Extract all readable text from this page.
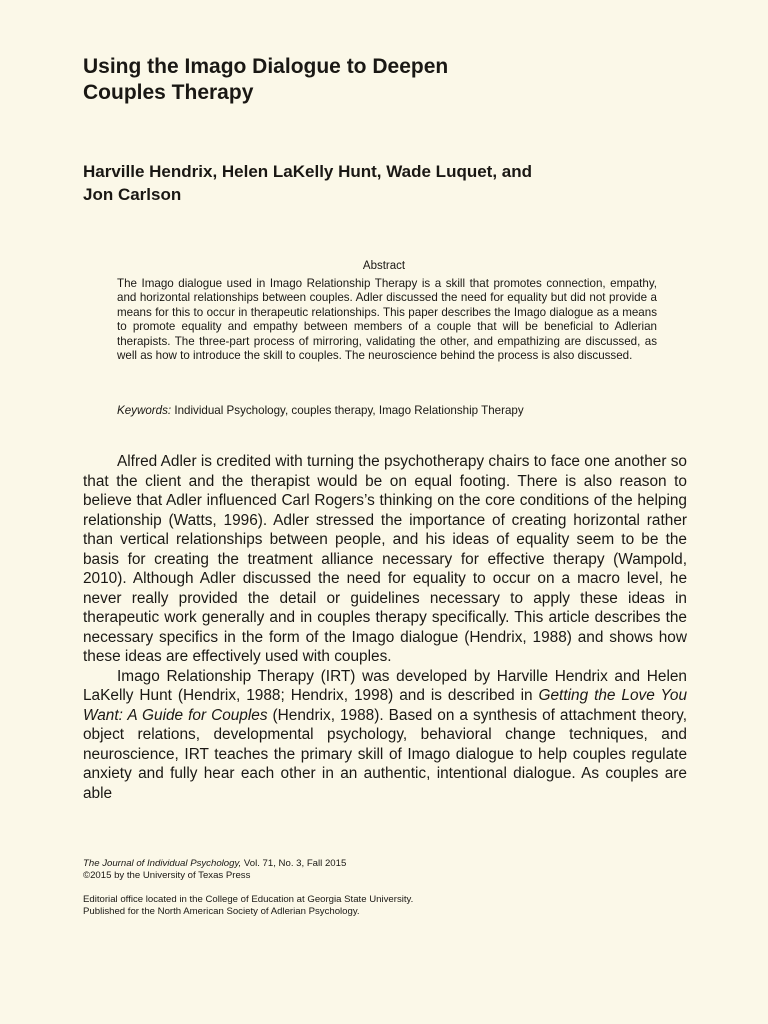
Using the Imago Dialogue to Deepen
Couples Therapy
Harville Hendrix, Helen LaKelly Hunt, Wade Luquet, and
Jon Carlson
Abstract

The Imago dialogue used in Imago Relationship Therapy is a skill that promotes connection, empathy, and horizontal relationships between couples. Adler discussed the need for equality but did not provide a means for this to occur in therapeutic relationships. This paper describes the Imago dialogue as a means to promote equality and empathy between members of a couple that will be beneficial to Adlerian therapists. The three-part process of mirroring, validating the other, and empathizing are discussed, as well as how to introduce the skill to couples. The neuroscience behind the process is also discussed.

Keywords: Individual Psychology, couples therapy, Imago Relationship Therapy

Alfred Adler is credited with turning the psychotherapy chairs to face one another so that the client and the therapist would be on equal footing. There is also reason to believe that Adler influenced Carl Rogers’s thinking on the core conditions of the helping relationship (Watts, 1996). Adler stressed the importance of creating horizontal rather than vertical relationships between people, and his ideas of equality seem to be the basis for creating the treatment alliance necessary for effective therapy (Wampold, 2010). Although Adler discussed the need for equality to occur on a macro level, he never really provided the detail or guidelines necessary to apply these ideas in therapeutic work generally and in couples therapy specifically. This article describes the necessary specifics in the form of the Imago dialogue (Hendrix, 1988) and shows how these ideas are effectively used with couples.

Imago Relationship Therapy (IRT) was developed by Harville Hendrix and Helen LaKelly Hunt (Hendrix, 1988; Hendrix, 1998) and is described in Getting the Love You Want: A Guide for Couples (Hendrix, 1988). Based on a synthesis of attachment theory, object relations, developmental psychology, behavioral change techniques, and neuroscience, IRT teaches the primary skill of Imago dialogue to help couples regulate anxiety and fully hear each other in an authentic, intentional dialogue. As couples are able

The Journal of Individual Psychology, Vol. 71, No. 3, Fall 2015
©2015 by the University of Texas Press
Editorial office located in the College of Education at Georgia State University.
Published for the North American Society of Adlerian Psychology.
